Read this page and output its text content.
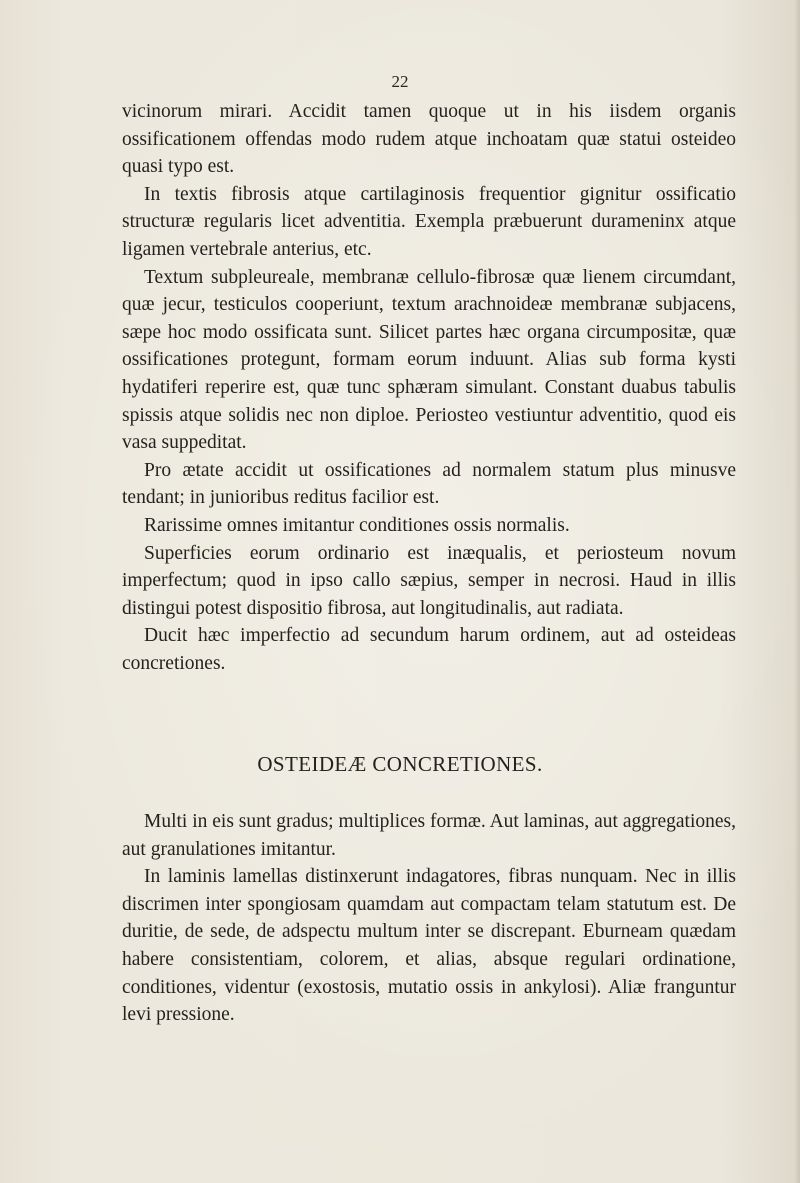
22

vicinorum mirari. Accidit tamen quoque ut in his iisdem organis ossificationem offendas modo rudem atque inchoatam quæ statui osteideo quasi typo est.

In textis fibrosis atque cartilaginosis frequentior gignitur ossificatio structuræ regularis licet adventitia. Exempla præbuerunt durameninx atque ligamen vertebrale anterius, etc.

Textum subpleureale, membranæ cellulo-fibrosæ quæ lienem circumdant, quæ jecur, testiculos cooperiunt, textum arachnoideæ membranæ subjacens, sæpe hoc modo ossificata sunt. Silicet partes hæc organa circumpositæ, quæ ossificationes protegunt, formam eorum induunt. Alias sub forma kysti hydatiferi reperire est, quæ tunc sphæram simulant. Constant duabus tabulis spissis atque solidis nec non diploe. Periosteo vestiuntur adventitio, quod eis vasa suppeditat.

Pro ætate accidit ut ossificationes ad normalem statum plus minusve tendant; in junioribus reditus facilior est.

Rarissime omnes imitantur conditiones ossis normalis.

Superficies eorum ordinario est inæqualis, et periosteum novum imperfectum; quod in ipso callo sæpius, semper in necrosi. Haud in illis distingui potest dispositio fibrosa, aut longitudinalis, aut radiata.

Ducit hæc imperfectio ad secundum harum ordinem, aut ad osteideas concretiones.

OSTEIDEÆ CONCRETIONES.

Multi in eis sunt gradus; multiplices formæ. Aut laminas, aut aggregationes, aut granulationes imitantur.

In laminis lamellas distinxerunt indagatores, fibras nunquam. Nec in illis discrimen inter spongiosam quamdam aut compactam telam statutum est. De duritie, de sede, de adspectu multum inter se discrepant. Eburneam quædam habere consistentiam, colorem, et alias, absque regulari ordinatione, conditiones, videntur (exostosis, mutatio ossis in ankylosi). Aliæ franguntur levi pressione.
